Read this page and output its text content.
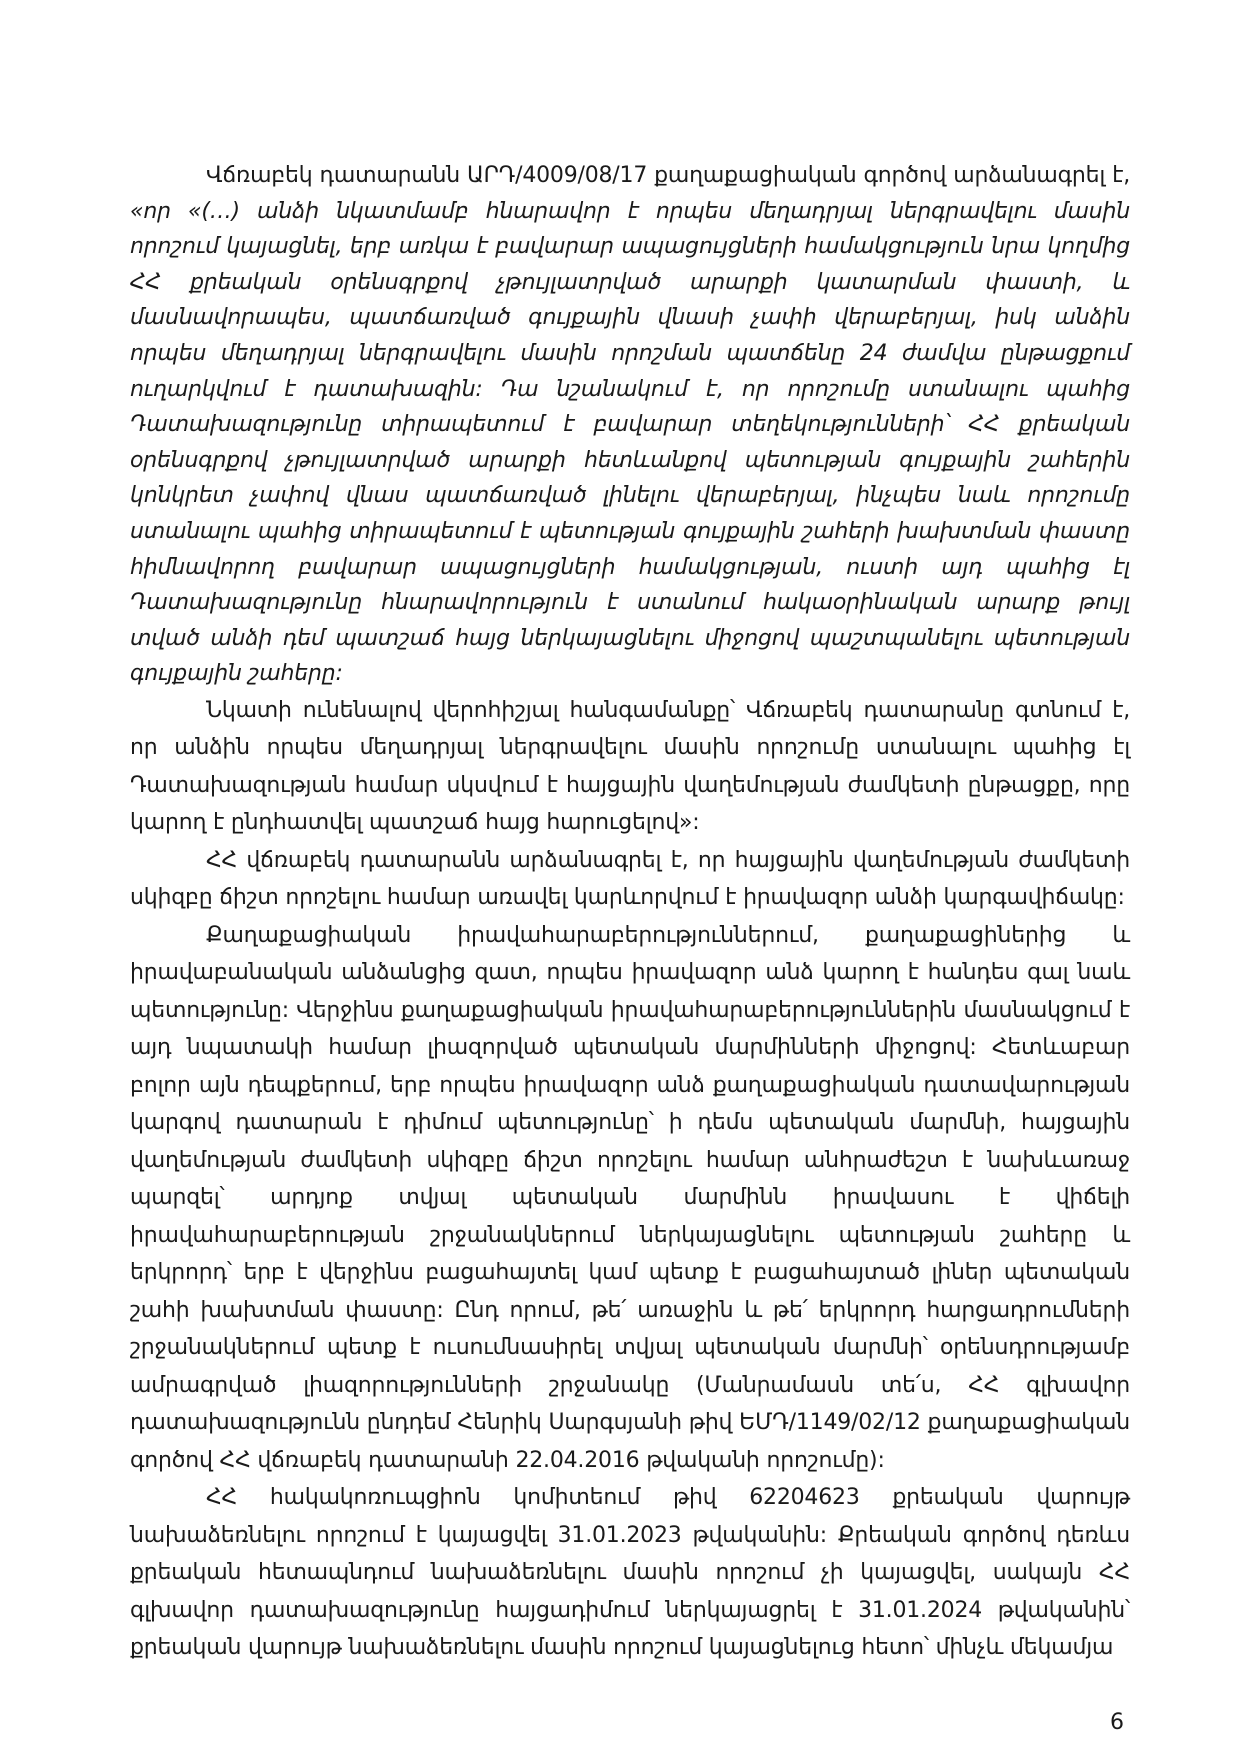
Վճռաբեկ դատարանն ԱՐԴ/4009/08/17 քաղաքացիական գործով արձանագրել է, «որ «(…) անձի նկատմամբ հնարավոր է որպես մեղադրյալ ներգրավելու մասին որոշում կայացնել, երբ առկա է բավարար ապացույցների համակցություն նրա կողմից ՀՀ քրեական օրենսգրքով չթույլատրված արարքի կատարման փաստի, և մասնավորապես, պատճառված գույքային վնասի չափի վերաբերյալ, իսկ անձին որպես մեղադրյալ ներգրավելու մասին որոշման պատճենը 24 ժամվա ընթացքում ուղարկվում է դատախազին: Դա նշանակում է, որ որոշումը ստանալու պահից Դատախազությունը տիրապետում է բավարար տեղեկությունների՝ ՀՀ քրեական օրենսգրքով չթույլատրված արարքի հետևանքով պետության գույքային շահերին կոնկրետ չափով վնաս պատճառված լինելու վերաբերյալ, ինչպես նաև որոշումը ստանալու պահից տիրապետում է պետության գույքային շահերի խախտման փաստը հիմնավորող բավարար ապացույցների համակցության, ուստի այդ պահից էլ Դատախազությունը հնարավորություն է ստանում հակաօրինական արարք թույլ տված անձի դեմ պատշաճ հայց ներկայացնելու միջոցով պաշտպանելու պետության գույքային շահերը:

Նկատի ունենալով վերոհիշյալ հանգամանքը՝ Վճռաբեկ դատարանը գտնում է, որ անձին որպես մեղադրյալ ներգրավելու մասին որոշումը ստանալու պահից էլ Դատախազության համար սկսվում է հայցային վաղեմության ժամկետի ընթացքը, որը կարող է ընդհատվել պատշաճ հայց հարուցելով»:

ՀՀ վճռաբեկ դատարանն արձանագրել է, որ հայցային վաղեմության ժամկետի սկիզբը ճիշտ որոշելու համար առավել կարևորվում է իրավազոր անձի կարգավիճակը:

Քաղաքացիական իրավահարաբերություններում, քաղաքացիներից և իրավաբանական անձանցից զատ, որպես իրավազոր անձ կարող է հանդես գալ նաև պետությունը: Վերջինս քաղաքացիական իրավահարաբերություններին մասնակցում է այդ նպատակի համար լիազորված պետական մարմինների միջոցով: Հետևաբար բոլոր այն դեպքերում, երբ որպես իրավազոր անձ քաղաքացիական դատավարության կարգով դատարան է դիմում պետությունը՝ ի դեմս պետական մարմնի, հայցային վաղեմության ժամկետի սկիզբը ճիշտ որոշելու համար անհրաժեշտ է նախևառաջ պարզել՝ արդյոք տվյալ պետական մարմինն իրավասու է վիճելի իրավահարաբերության շրջանակներում ներկայացնելու պետության շահերը և երկրորդ՝ երբ է վերջինս բացահայտել կամ պետք է բացահայտած լիներ պետական շահի խախտման փաստը: Ընդ որում, թե՛ առաջին և թե՛ երկրորդ հարցադրումների շրջանակներում պետք է ուսումնասիրել տվյալ պետական մարմնի՝ օրենսդրությամբ ամրագրված լիազորությունների շրջանակը (Մանրամասն տե՛ս, ՀՀ գլխավոր դատախազությունն ընդդեմ Հենրիկ Սարգսյանի թիվ ԵՄԴ/1149/02/12 քաղաքացիական գործով ՀՀ վճռաբեկ դատարանի 22.04.2016 թվականի որոշումը):

ՀՀ հակակոռուպցիոն կոմիտեում թիվ 62204623 քրեական վարույթ նախաձեռնելու որոշում է կայացվել 31.01.2023 թվականին: Քրեական գործով դեռևս քրեական հետապնդում նախաձեռնելու մասին որոշում չի կայացվել, սակայն ՀՀ գլխավոր դատախազությունը հայցադիմում ներկայացրել է 31.01.2024 թվականին՝ քրեական վարույթ նախաձեռնելու մասին որոշում կայացնելուց հետո՝ մինչև մեկամյա

6
